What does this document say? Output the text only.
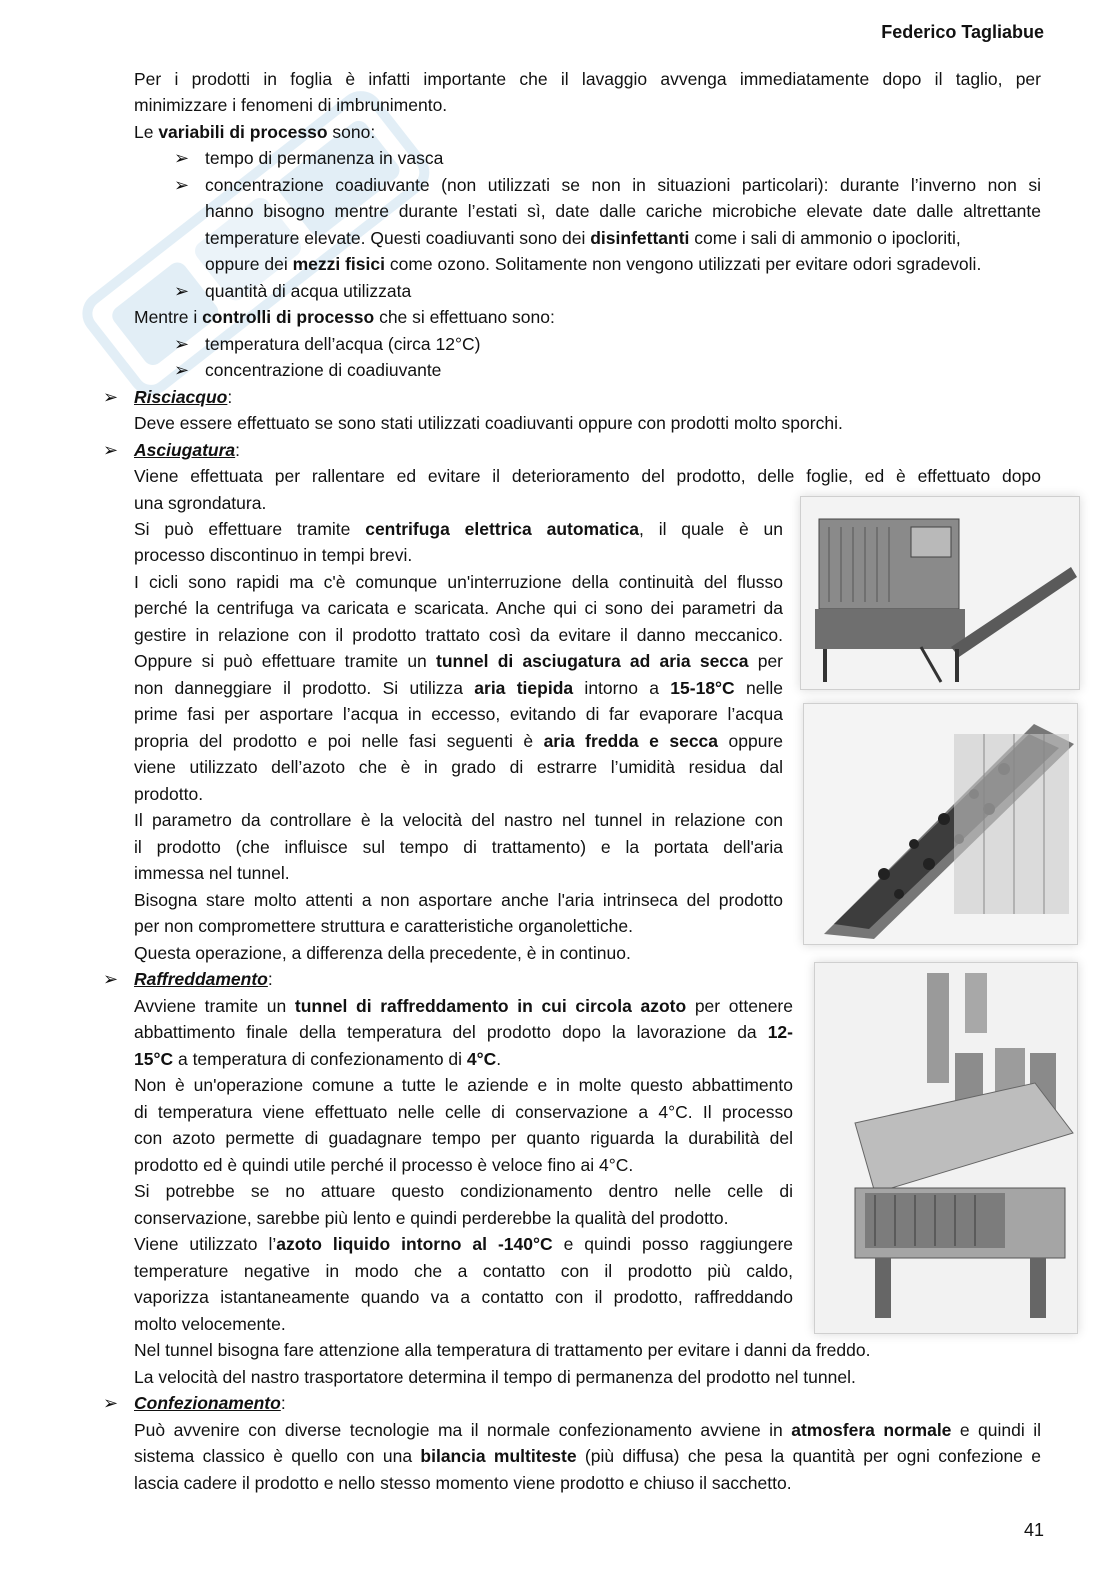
Federico Tagliabue
Per i prodotti in foglia è infatti importante che il lavaggio avvenga immediatamente dopo il taglio, per
minimizzare i fenomeni di imbrunimento.
Le variabili di processo sono:
➢ tempo di permanenza in vasca
➢ concentrazione coadiuvante (non utilizzati se non in situazioni particolari): durante l’inverno non si
hanno bisogno mentre durante l’estati sì, date dalle cariche microbiche elevate date dalle altrettante
temperature elevate. Questi coadiuvanti sono dei disinfettanti come i sali di ammonio o ipocloriti,
oppure dei mezzi fisici come ozono. Solitamente non vengono utilizzati per evitare odori sgradevoli.
➢ quantità di acqua utilizzata
Mentre i controlli di processo che si effettuano sono:
➢ temperatura dell’acqua (circa 12°C)
➢ concentrazione di coadiuvante
➢ Risciacquo:
Deve essere effettuato se sono stati utilizzati coadiuvanti oppure con prodotti molto sporchi.
➢ Asciugatura:
Viene effettuata per rallentare ed evitare il deterioramento del prodotto, delle foglie, ed è effettuato dopo
una sgrondatura.
Si può effettuare tramite centrifuga elettrica automatica, il quale è un
processo discontinuo in tempi brevi.
I cicli sono rapidi ma c'è comunque un'interruzione della continuità del flusso
perché la centrifuga va caricata e scaricata. Anche qui ci sono dei parametri da
gestire in relazione con il prodotto trattato così da evitare il danno meccanico.
Oppure si può effettuare tramite un tunnel di asciugatura ad aria secca per
non danneggiare il prodotto. Si utilizza aria tiepida intorno a 15-18°C nelle
prime fasi per asportare l’acqua in eccesso, evitando di far evaporare l’acqua
propria del prodotto e poi nelle fasi seguenti è aria fredda e secca oppure
viene utilizzato dell’azoto che è in grado di estrarre l’umidità residua dal
prodotto.
Il parametro da controllare è la velocità del nastro nel tunnel in relazione con
il prodotto (che influisce sul tempo di trattamento) e la portata dell'aria
immessa nel tunnel.
Bisogna stare molto attenti a non asportare anche l'aria intrinseca del prodotto
per non compromettere struttura e caratteristiche organolettiche.
Questa operazione, a differenza della precedente, è in continuo.
➢ Raffreddamento:
Avviene tramite un tunnel di raffreddamento in cui circola azoto per ottenere
abbattimento finale della temperatura del prodotto dopo la lavorazione da 12-
15°C a temperatura di confezionamento di 4°C.
Non è un'operazione comune a tutte le aziende e in molte questo abbattimento
di temperatura viene effettuato nelle celle di conservazione a 4°C. Il processo
con azoto permette di guadagnare tempo per quanto riguarda la durabilità del
prodotto ed è quindi utile perché il processo è veloce fino ai 4°C.
Si potrebbe se no attuare questo condizionamento dentro nelle celle di
conservazione, sarebbe più lento e quindi perderebbe la qualità del prodotto.
Viene utilizzato l’azoto liquido intorno al -140°C e quindi posso raggiungere
temperature negative in modo che a contatto con il prodotto più caldo,
vaporizza istantaneamente quando va a contatto con il prodotto, raffreddando
molto velocemente.
Nel tunnel bisogna fare attenzione alla temperatura di trattamento per evitare i danni da freddo.
La velocità del nastro trasportatore determina il tempo di permanenza del prodotto nel tunnel.
➢ Confezionamento:
Può avvenire con diverse tecnologie ma il normale confezionamento avviene in atmosfera normale e quindi il
sistema classico è quello con una bilancia multiteste (più diffusa) che pesa la quantità per ogni confezione e
lascia cadere il prodotto e nello stesso momento viene prodotto e chiuso il sacchetto.
41
